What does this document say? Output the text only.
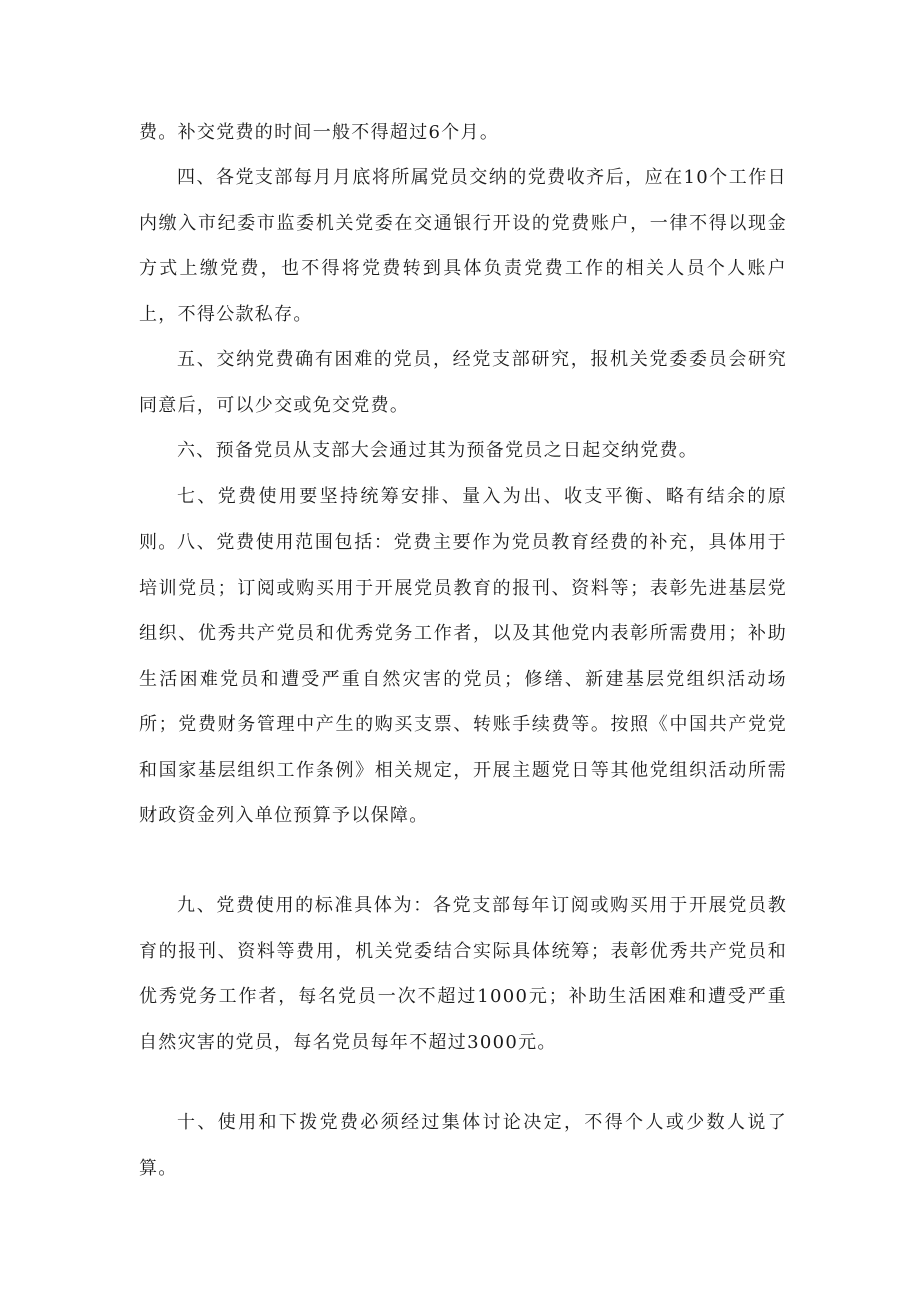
费。补交党费的时间一般不得超过6个月。

四、各党支部每月月底将所属党员交纳的党费收齐后，应在10个工作日内缴入市纪委市监委机关党委在交通银行开设的党费账户，一律不得以现金方式上缴党费，也不得将党费转到具体负责党费工作的相关人员个人账户上，不得公款私存。

五、交纳党费确有困难的党员，经党支部研究，报机关党委委员会研究同意后，可以少交或免交党费。

六、预备党员从支部大会通过其为预备党员之日起交纳党费。

七、党费使用要坚持统筹安排、量入为出、收支平衡、略有结余的原则。 八、党费使用范围包括：党费主要作为党员教育经费的补充，具体用于培训党员；订阅或购买用于开展党员教育的报刊、资料等；表彰先进基层党组织、优秀共产党员和优秀党务工作者，以及其他党内表彰所需费用；补助生活困难党员和遭受严重自然灾害的党员；修缮、新建基层党组织活动场所；党费财务管理中产生的购买支票、转账手续费等。按照《中国共产党党和国家基层组织工作条例》相关规定，开展主题党日等其他党组织活动所需财政资金列入单位预算予以保障。

九、党费使用的标准具体为：各党支部每年订阅或购买用于开展党员教育的报刊、资料等费用，机关党委结合实际具体统筹；表彰优秀共产党员和优秀党务工作者，每名党员一次不超过1000元；补助生活困难和遭受严重自然灾害的党员，每名党员每年不超过3000元。

十、使用和下拨党费必须经过集体讨论决定，不得个人或少数人说了算。
